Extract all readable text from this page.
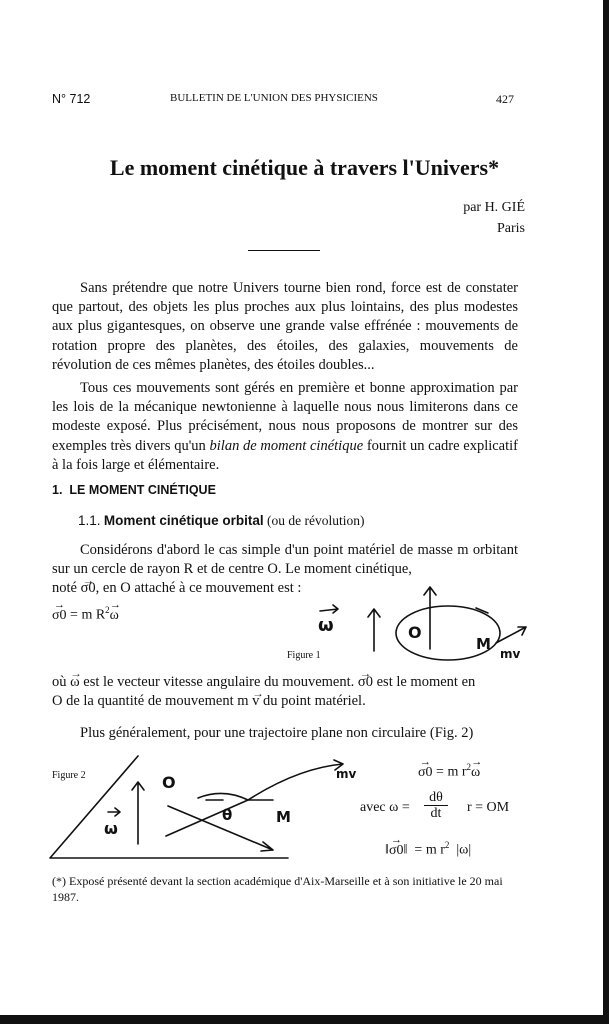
N° 712	BULLETIN DE L'UNION DES PHYSICIENS	427
Le moment cinétique à travers l'Univers*
par H. GIÉ
Paris

Sans prétendre que notre Univers tourne bien rond, force est de constater que partout, des objets les plus proches aux plus lointains, des plus modestes aux plus gigantesques, on observe une grande valse effrénée : mouvements de rotation propre des planètes, des étoiles, des galaxies, mouvements de révolution de ces mêmes planètes, des étoiles doubles...

Tous ces mouvements sont gérés en première et bonne approximation par les lois de la mécanique newtonienne à laquelle nous nous limiterons dans ce modeste exposé. Plus précisément, nous nous proposons de montrer sur des exemples très divers qu'un bilan de moment cinétique fournit un cadre explicatif à la fois large et élémentaire.

1. LE MOMENT CINÉTIQUE
1.1. Moment cinétique orbital (ou de révolution)

Considérons d'abord le cas simple d'un point matériel de masse m orbitant sur un cercle de rayon R et de centre O. Le moment cinétique,

noté → σ0, en O attaché à ce mouvement est :
→ σ0 = m $R^2\to \omega$	ω	O
M
mv
Figure 1
où → ω est le vecteur vitesse angulaire du mouvement. → σ0 est le moment en
O de la quantité de mouvement m → v du point matériel.

Plus généralement, pour une trajectoire plane non circulaire (Fig. 2)

Figure 2
ω
O
θ	M
mv
→	σ0 = m $r^2\to \omega$
avec $\omega = \frac{d\theta}{dt}$ r = OM
‖→ σ0‖ = m $r^2$ |ω|
(*) Exposé présenté devant la section académique d'Aix-Marseille et à son initiative le 20 mai 1987.
